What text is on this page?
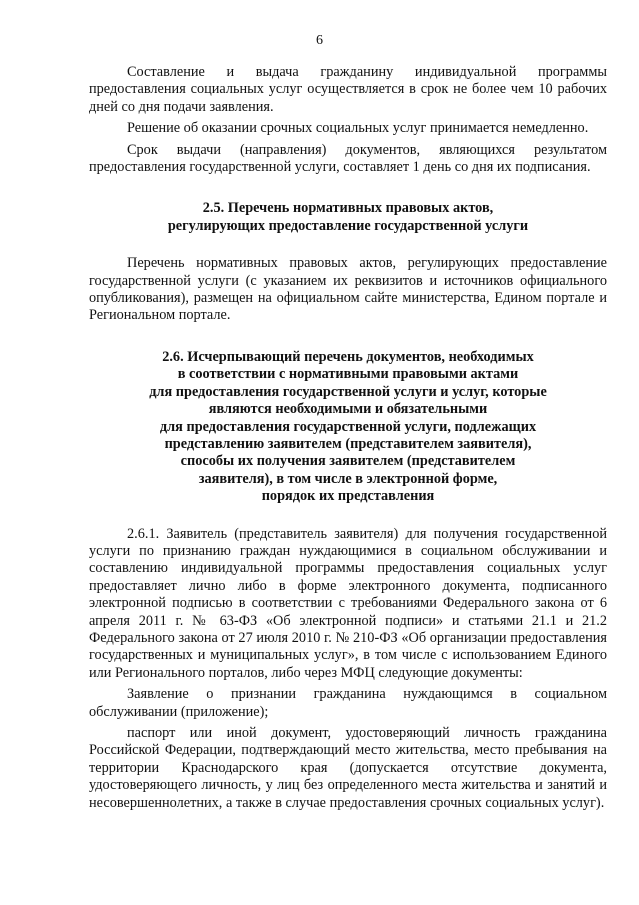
6

Составление и выдача гражданину индивидуальной программы предоставления социальных услуг осуществляется в срок не более чем 10 рабочих дней со дня подачи заявления.

Решение об оказании срочных социальных услуг принимается немедленно.

Срок выдачи (направления) документов, являющихся результатом предоставления государственной услуги, составляет 1 день со дня их подписания.

2.5. Перечень нормативных правовых актов,
регулирующих предоставление государственной услуги

Перечень нормативных правовых актов, регулирующих предоставление государственной услуги (с указанием их реквизитов и источников официального опубликования), размещен на официальном сайте министерства, Едином портале и Региональном портале.

2.6. Исчерпывающий перечень документов, необходимых
в соответствии с нормативными правовыми актами
для предоставления государственной услуги и услуг, которые
являются необходимыми и обязательными
для предоставления государственной услуги, подлежащих
представлению заявителем (представителем заявителя),
способы их получения заявителем (представителем
заявителя), в том числе в электронной форме,
порядок их представления

2.6.1. Заявитель (представитель заявителя) для получения государственной услуги по признанию граждан нуждающимися в социальном обслуживании и составлению индивидуальной программы предоставления социальных услуг предоставляет лично либо в форме электронного документа, подписанного электронной подписью в соответствии с требованиями Федерального закона от 6 апреля 2011 г. № 63-ФЗ «Об электронной подписи» и статьями 21.1 и 21.2 Федерального закона от 27 июля 2010 г. № 210-ФЗ «Об организации предоставления государственных и муниципальных услуг», в том числе с использованием Единого или Регионального порталов, либо через МФЦ следующие документы:

Заявление о признании гражданина нуждающимся в социальном обслуживании (приложение);

паспорт или иной документ, удостоверяющий личность гражданина Российской Федерации, подтверждающий место жительства, место пребывания на территории Краснодарского края (допускается отсутствие документа, удостоверяющего личность, у лиц без определенного места жительства и занятий и несовершеннолетних, а также в случае предоставления срочных социальных услуг).
